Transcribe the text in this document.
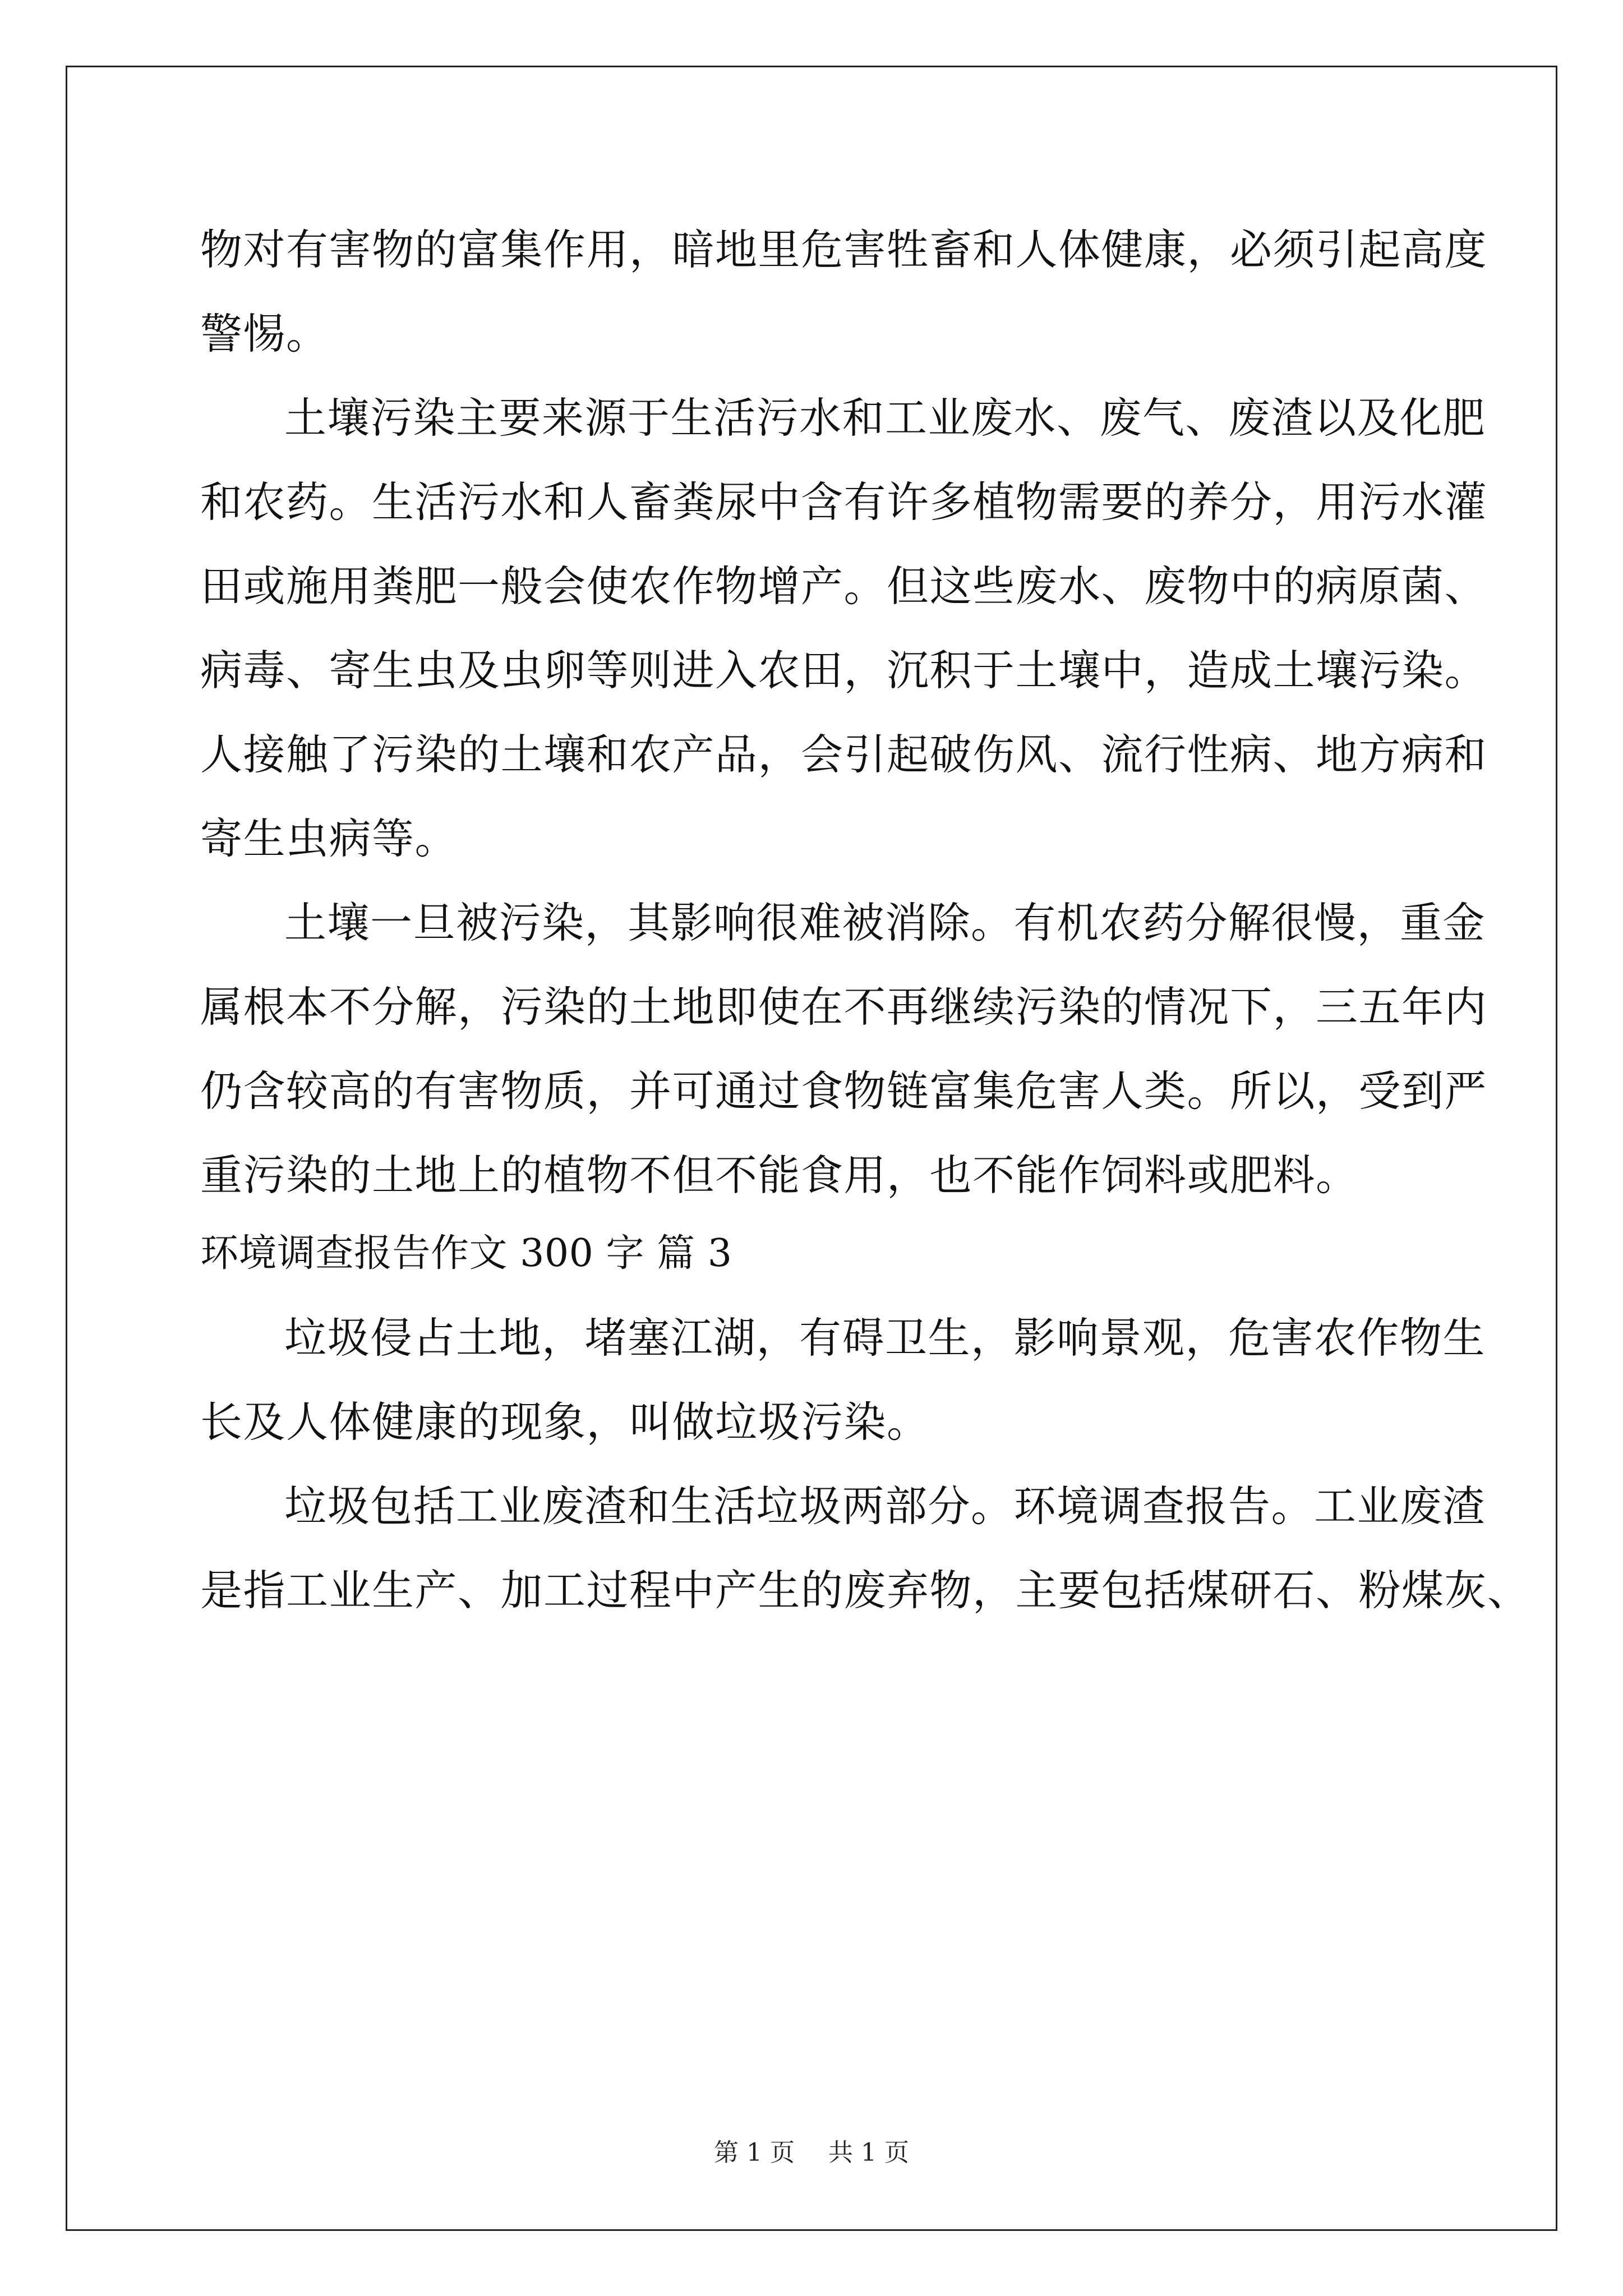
物对有害物的富集作用，暗地里危害牲畜和人体健康，必须引起高度
警惕。
土壤污染主要来源于生活污水和工业废水、废气、废渣以及化肥
和农药。生活污水和人畜粪尿中含有许多植物需要的养分，用污水灌
田或施用粪肥一般会使农作物增产。但这些废水、废物中的病原菌、
病毒、寄生虫及虫卵等则进入农田，沉积于土壤中，造成土壤污染。
人接触了污染的土壤和农产品，会引起破伤风、流行性病、地方病和
寄生虫病等。
土壤一旦被污染，其影响很难被消除。有机农药分解很慢，重金
属根本不分解，污染的土地即使在不再继续污染的情况下，三五年内
仍含较高的有害物质，并可通过食物链富集危害人类。所以，受到严
重污染的土地上的植物不但不能食用，也不能作饲料或肥料。
环境调查报告作文 300 字 篇 3
垃圾侵占土地，堵塞江湖，有碍卫生，影响景观，危害农作物生
长及人体健康的现象，叫做垃圾污染。
垃圾包括工业废渣和生活垃圾两部分。环境调查报告。工业废渣
是指工业生产、加工过程中产生的废弃物，主要包括煤研石、粉煤灰、
第 1 页 共 1 页
